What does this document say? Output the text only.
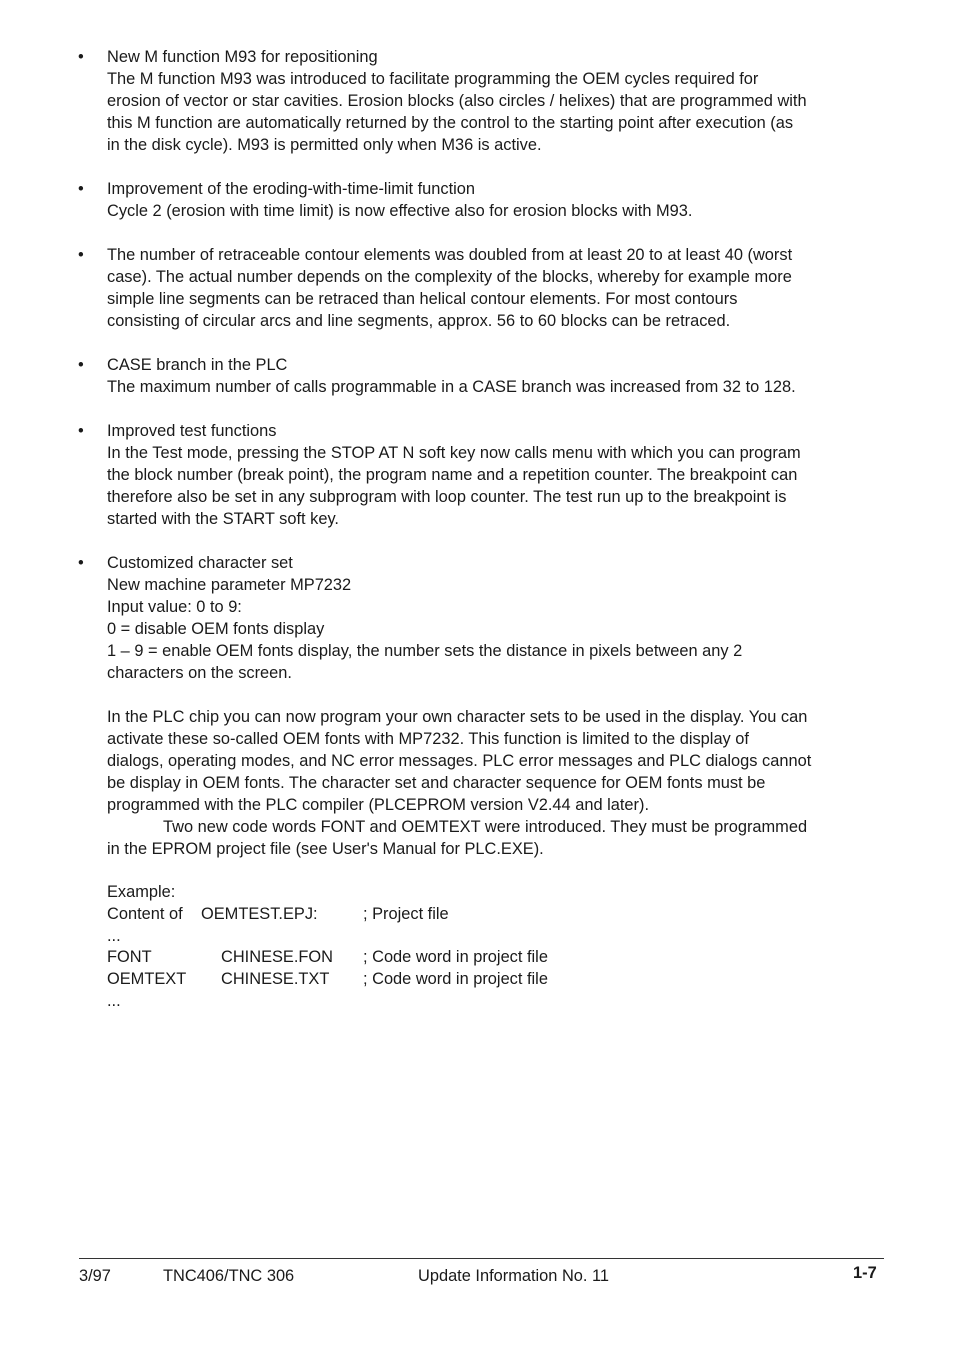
• New M function M93 for repositioning
The M function M93 was introduced to facilitate programming the OEM cycles required for
erosion of vector or star cavities. Erosion blocks (also circles / helixes) that are programmed with
this M function are automatically returned by the control to the starting point after execution (as
in the disk cycle). M93 is permitted only when M36 is active.
• Improvement of the eroding-with-time-limit function
Cycle 2 (erosion with time limit) is now effective also for erosion blocks with M93.
• The number of retraceable contour elements was doubled from at least 20 to at least 40 (worst
case). The actual number depends on the complexity of the blocks, whereby for example more
simple line segments can be retraced than helical contour elements. For most contours
consisting of circular arcs and line segments, approx. 56 to 60 blocks can be retraced.
• CASE branch in the PLC
The maximum number of calls programmable in a CASE branch was increased from 32 to 128.
• Improved test functions
In the Test mode, pressing the STOP AT N soft key now calls menu with which you can program
the block number (break point), the program name and a repetition counter. The breakpoint can
therefore also be set in any subprogram with loop counter. The test run up to the breakpoint is
started with the START soft key.
• Customized character set
New machine parameter MP7232
Input value: 0 to 9:
0 = disable OEM fonts display
1 – 9 = enable OEM fonts display, the number sets the distance in pixels between any 2
characters on the screen.
In the PLC chip you can now program your own character sets to be used in the display. You can
activate these so-called OEM fonts with MP7232. This function is limited to the display of
dialogs, operating modes, and NC error messages. PLC error messages and PLC dialogs cannot
be display in OEM fonts. The character set and character sequence for OEM fonts must be
programmed with the PLC compiler (PLCEPROM version V2.44 and later).
Two new code words FONT and OEMTEXT were introduced. They must be programmed
in the EPROM project file (see User's Manual for PLC.EXE).
Example:
Content of OEMTEST.EPJ:	; Project file
...
FONT	CHINESE.FON ; Code word in project file
OEMTEXT CHINESE.TXT ; Code word in project file
...
3/97	TNC406/TNC 306	Update Information No. 11	1-7
